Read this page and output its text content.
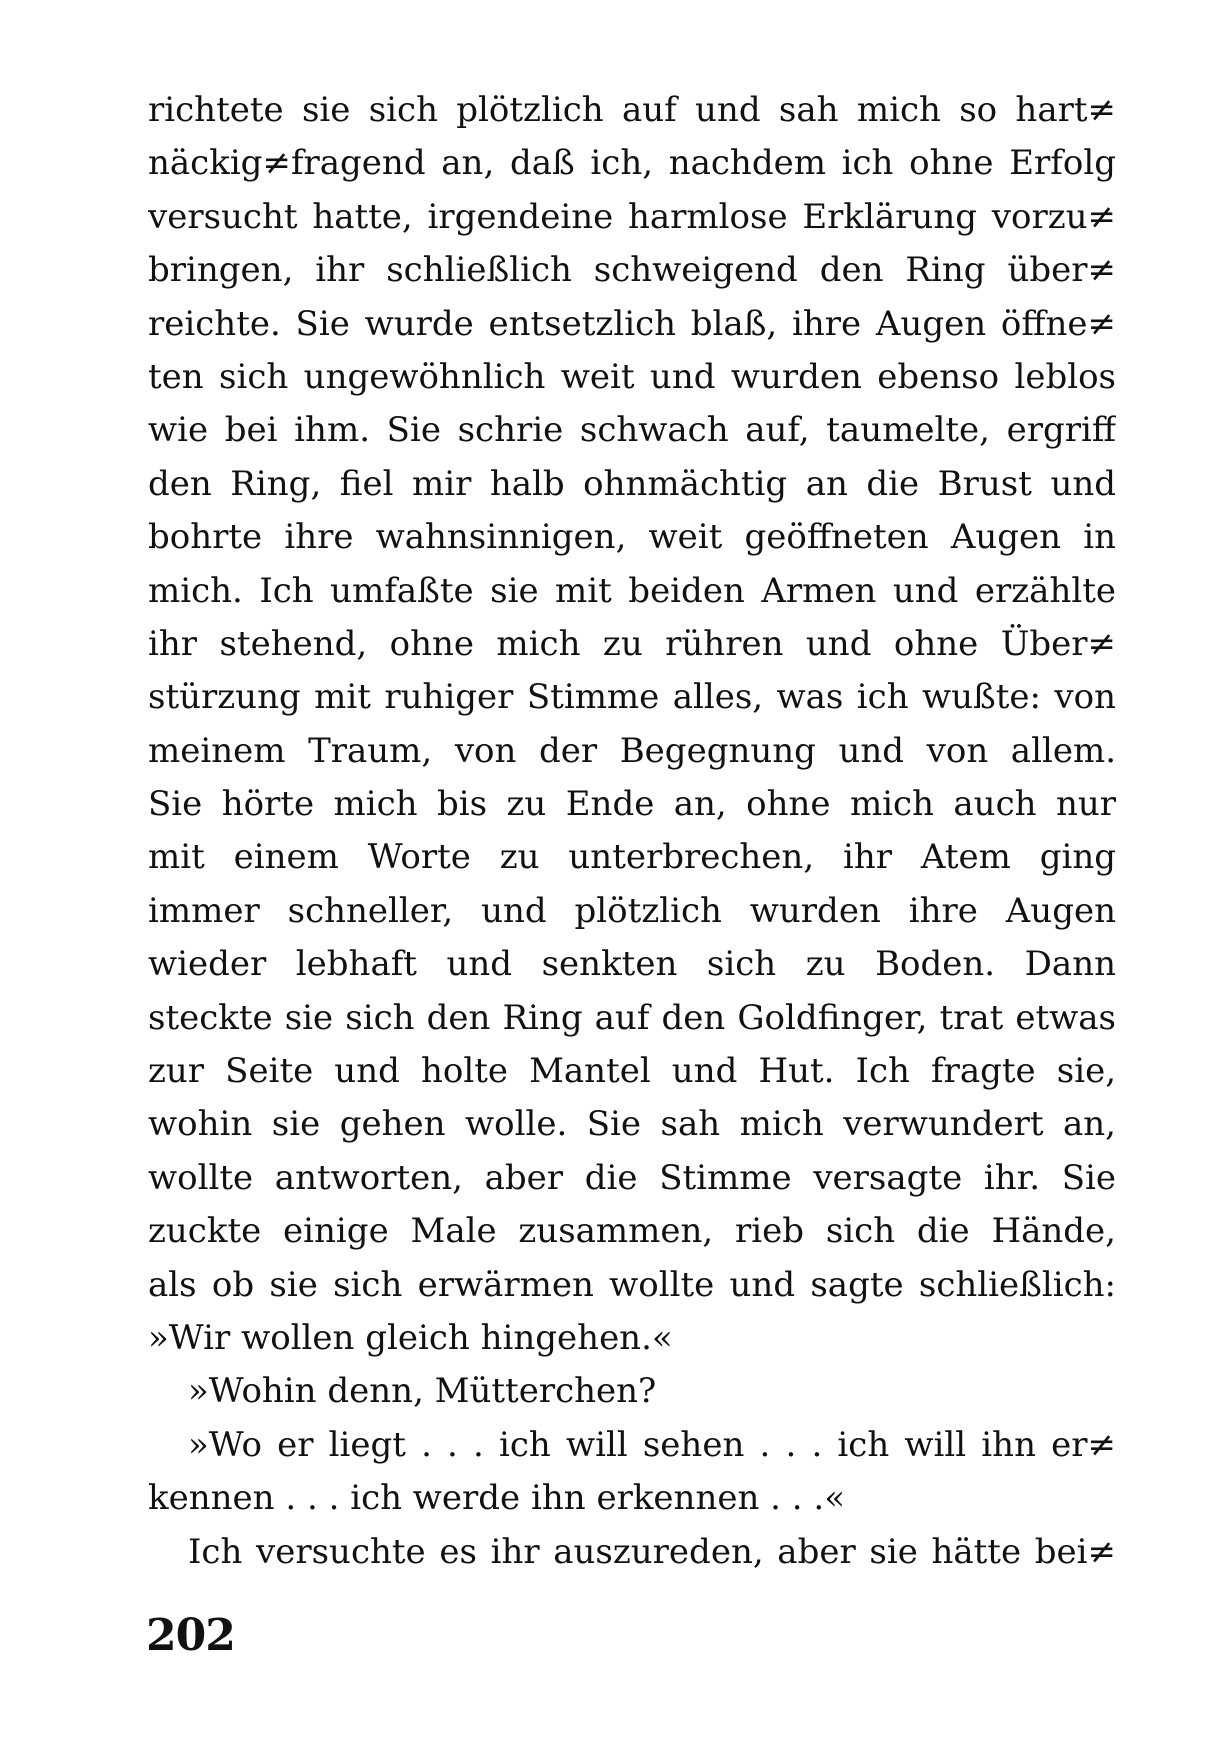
richtete sie sich plötzlich auf und sah mich so hart≠
näckig≠fragend an, daß ich, nachdem ich ohne Erfolg
versucht hatte, irgendeine harmlose Erklärung vorzu≠
bringen, ihr schließlich schweigend den Ring über≠
reichte. Sie wurde entsetzlich blaß, ihre Augen öffne≠
ten sich ungewöhnlich weit und wurden ebenso leblos
wie bei ihm. Sie schrie schwach auf, taumelte, ergriff
den Ring, fiel mir halb ohnmächtig an die Brust und
bohrte ihre wahnsinnigen, weit geöffneten Augen in
mich. Ich umfaßte sie mit beiden Armen und erzählte
ihr stehend, ohne mich zu rühren und ohne Über≠
stürzung mit ruhiger Stimme alles, was ich wußte: von
meinem Traum, von der Begegnung und von allem.
Sie hörte mich bis zu Ende an, ohne mich auch nur
mit einem Worte zu unterbrechen, ihr Atem ging
immer schneller, und plötzlich wurden ihre Augen
wieder lebhaft und senkten sich zu Boden. Dann
steckte sie sich den Ring auf den Goldfinger, trat etwas
zur Seite und holte Mantel und Hut. Ich fragte sie,
wohin sie gehen wolle. Sie sah mich verwundert an,
wollte antworten, aber die Stimme versagte ihr. Sie
zuckte einige Male zusammen, rieb sich die Hände,
als ob sie sich erwärmen wollte und sagte schließlich:
»Wir wollen gleich hingehen.«
»Wohin denn, Mütterchen?
»Wo er liegt . . . ich will sehen . . . ich will ihn er≠
kennen . . . ich werde ihn erkennen . . .«
Ich versuchte es ihr auszureden, aber sie hätte bei≠
202
